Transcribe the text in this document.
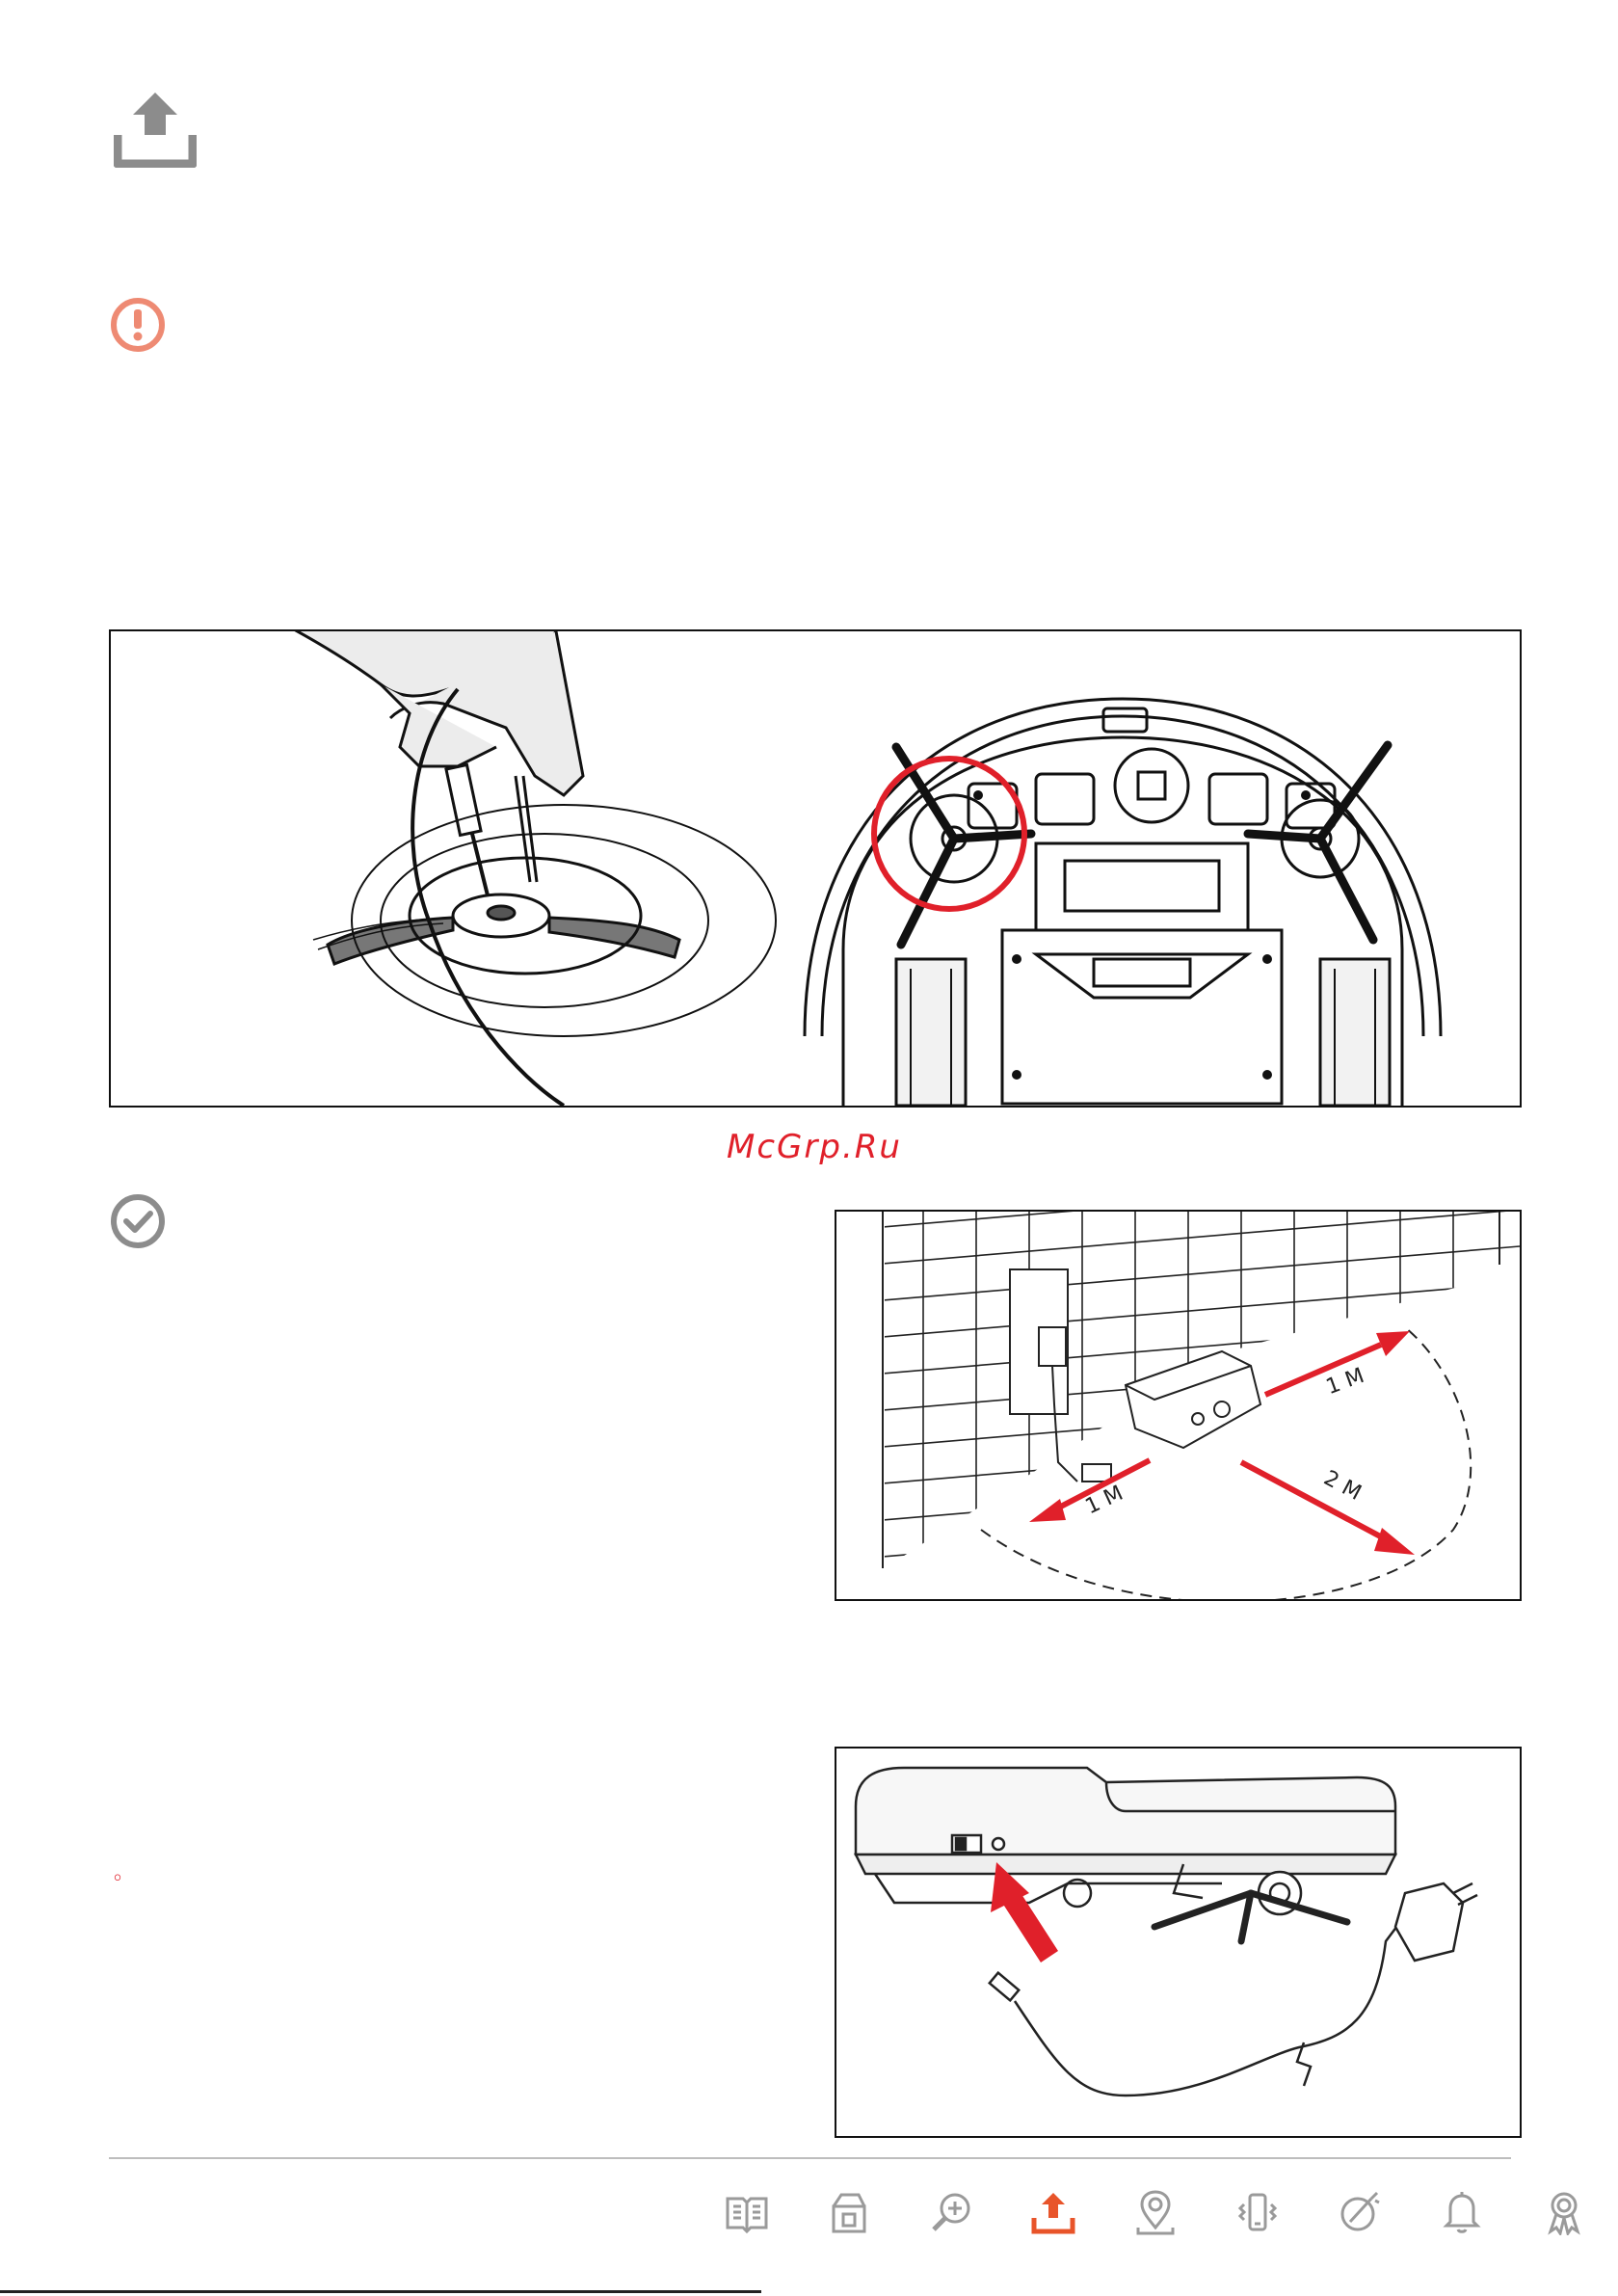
McGrp.Ru
1 M
2 M
1 M
。
